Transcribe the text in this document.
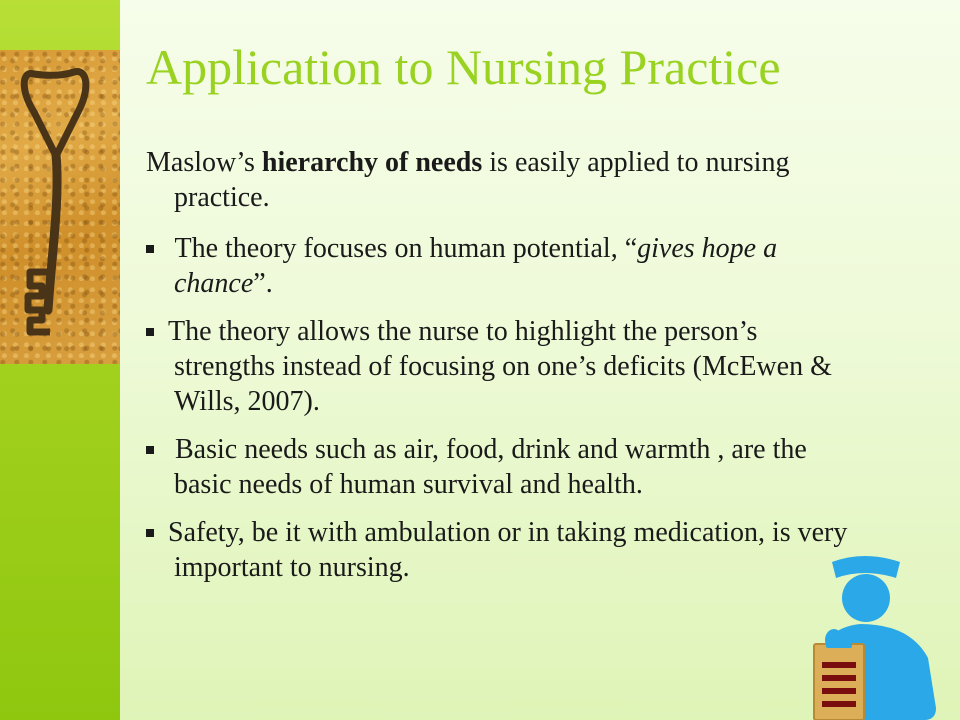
Application to Nursing Practice

Maslow’s hierarchy of needs is easily applied to nursing practice.

The theory focuses on human potential, “gives hope a chance”.

The theory allows the nurse to highlight the person’s strengths instead of focusing on one’s deficits (McEwen & Wills, 2007).

Basic needs such as air, food, drink and warmth , are the basic needs of human survival and health.

Safety, be it with ambulation or in taking medication, is very important to nursing.
